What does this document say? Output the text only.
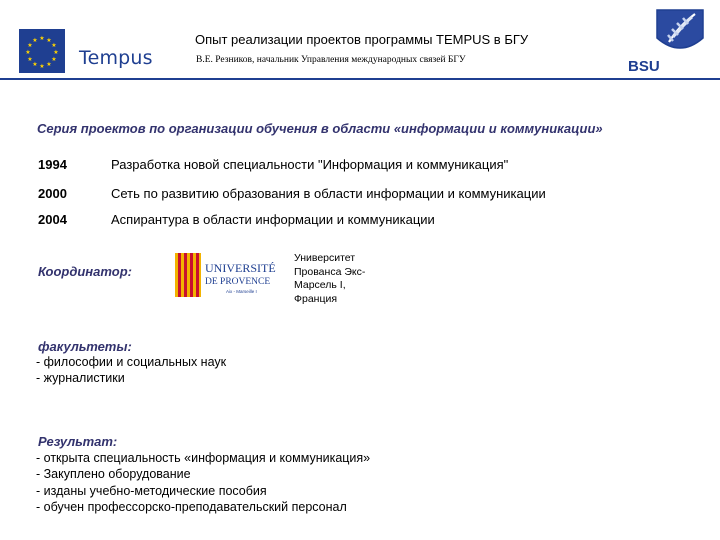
★ ★
★
★
★
★
★
★
★
★
★
★
Tempus
Опыт реализации проектов программы TEMPUS в БГУ
В.Е. Резников, начальник Управления международных связей БГУ	BSU
Серия проектов по организации обучения в области «информации и коммуникации»
1994	Разработка новой специальности "Информация и коммуникация"
2000	Сеть по развитию образования в области информации и коммуникации
2004	Аспирантура в области информации и коммуникации
Координатор:	UNIVERSITÉ
DE PROVENCE
Aix - Marseille I
Университет
Прованса Экс-
Марсель I,
Франция
факультеты:
- философии и социальных наук
- журналистики
Результат:
- открыта специальность «информация и коммуникация»
- Закуплено оборудование
- изданы учебно-методические пособия
- обучен профессорско-преподавательский персонал
